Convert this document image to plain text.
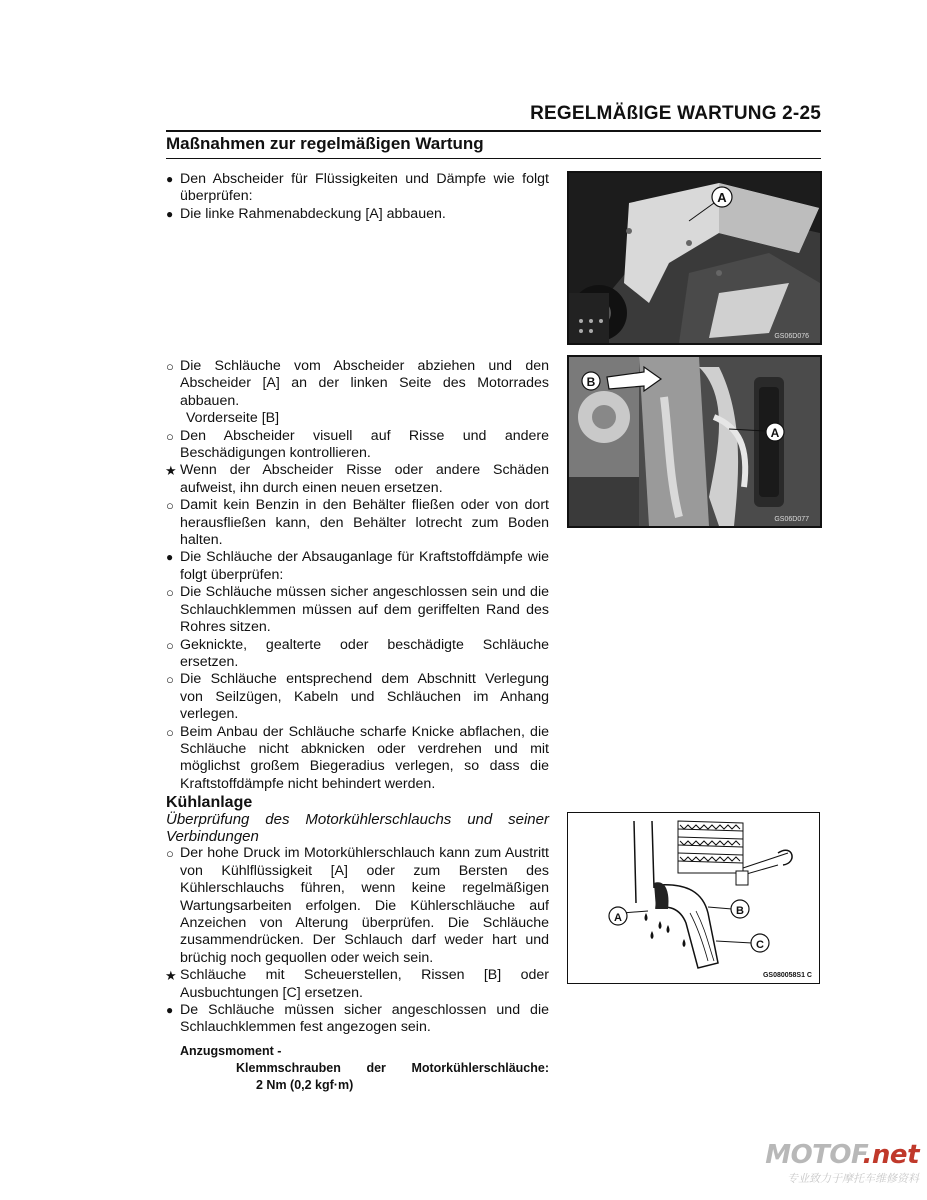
REGELMÄßIGE WARTUNG 2-25
Maßnahmen zur regelmäßigen Wartung
● Den Abscheider für Flüssigkeiten und Dämpfe wie folgt überprüfen:
● Die linke Rahmenabdeckung [A] abbauen.
A
GS06D076
○ Die Schläuche vom Abscheider abziehen und den Abscheider [A] an der linken Seite des Motorrades abbauen.
Vorderseite [B]
○ Den Abscheider visuell auf Risse und andere Beschädigungen kontrollieren.
★ Wenn der Abscheider Risse oder andere Schäden aufweist, ihn durch einen neuen ersetzen.
○ Damit kein Benzin in den Behälter fließen oder von dort herausfließen kann, den Behälter lotrecht zum Boden halten.
● Die Schläuche der Absauganlage für Kraftstoffdämpfe wie folgt überprüfen:
○ Die Schläuche müssen sicher angeschlossen sein und die Schlauchklemmen müssen auf dem geriffelten Rand des Rohres sitzen.
○ Geknickte, gealterte oder beschädigte Schläuche ersetzen.
○ Die Schläuche entsprechend dem Abschnitt Verlegung von Seilzügen, Kabeln und Schläuchen im Anhang verlegen.
○ Beim Anbau der Schläuche scharfe Knicke abflachen, die Schläuche nicht abknicken oder verdrehen und mit möglichst großem Biegeradius verlegen, so dass die Kraftstoffdämpfe nicht behindert werden.
B
A
GS06D077
Kühlanlage
Überprüfung des Motorkühlerschlauchs und seiner Verbindungen
○ Der hohe Druck im Motorkühlerschlauch kann zum Austritt von Kühlflüssigkeit [A] oder zum Bersten des Kühlerschlauchs führen, wenn keine regelmäßigen Wartungsarbeiten erfolgen. Die Kühlerschläuche auf Anzeichen von Alterung überprüfen. Die Schläuche zusammendrücken. Der Schlauch darf weder hart und brüchig noch gequollen oder weich sein.
★ Schläuche mit Scheuerstellen, Rissen [B] oder Ausbuchtungen [C] ersetzen.
● De Schläuche müssen sicher angeschlossen und die Schlauchklemmen fest angezogen sein.
Anzugsmoment -
Klemmschrauben der Motorkühlerschläuche:
2 Nm (0,2 kgf·m)
A
B
C
GS080058S1 C
MOTOF.net
专业致力于摩托车维修资料
